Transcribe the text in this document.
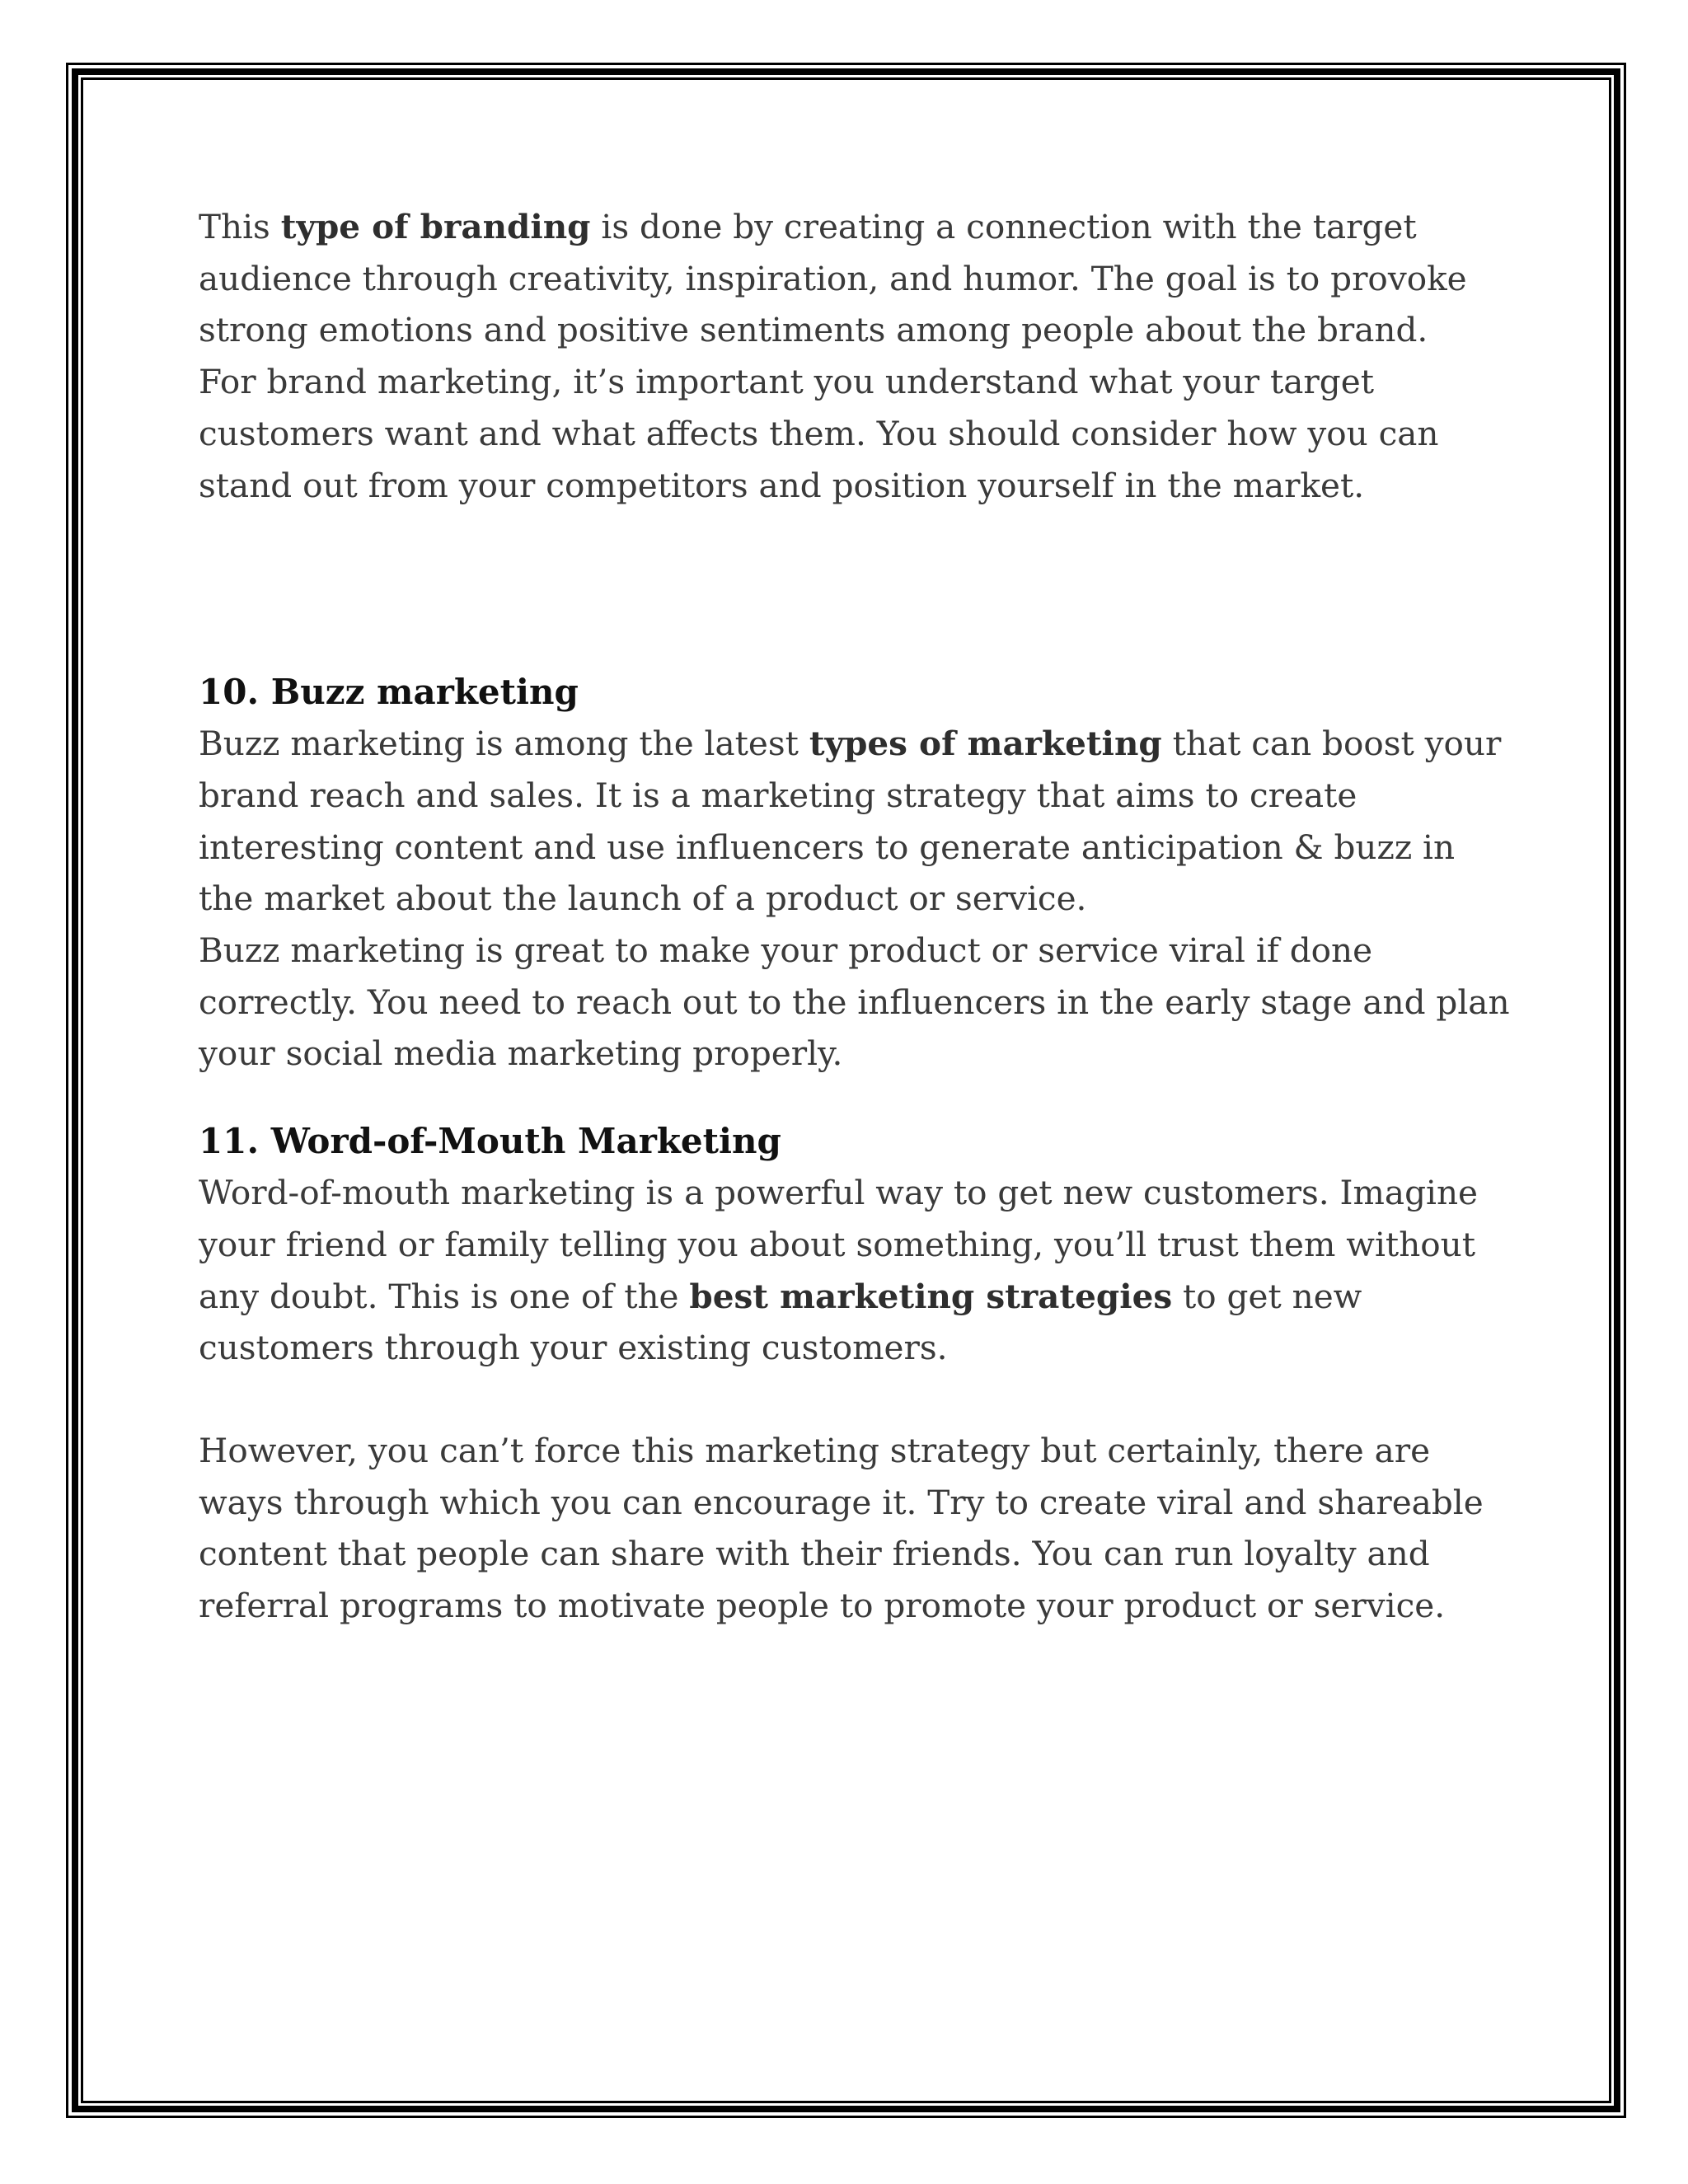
This type of branding is done by creating a connection with the target audience through creativity, inspiration, and humor. The goal is to provoke strong emotions and positive sentiments among people about the brand.

For brand marketing, it’s important you understand what your target customers want and what affects them. You should consider how you can stand out from your competitors and position yourself in the market.

10. Buzz marketing

Buzz marketing is among the latest types of marketing that can boost your brand reach and sales. It is a marketing strategy that aims to create interesting content and use influencers to generate anticipation & buzz in the market about the launch of a product or service.

Buzz marketing is great to make your product or service viral if done correctly. You need to reach out to the influencers in the early stage and plan your social media marketing properly.

11. Word-of-Mouth Marketing

Word-of-mouth marketing is a powerful way to get new customers. Imagine your friend or family telling you about something, you’ll trust them without any doubt. This is one of the best marketing strategies to get new customers through your existing customers.

However, you can’t force this marketing strategy but certainly, there are ways through which you can encourage it. Try to create viral and shareable content that people can share with their friends. You can run loyalty and referral programs to motivate people to promote your product or service.
